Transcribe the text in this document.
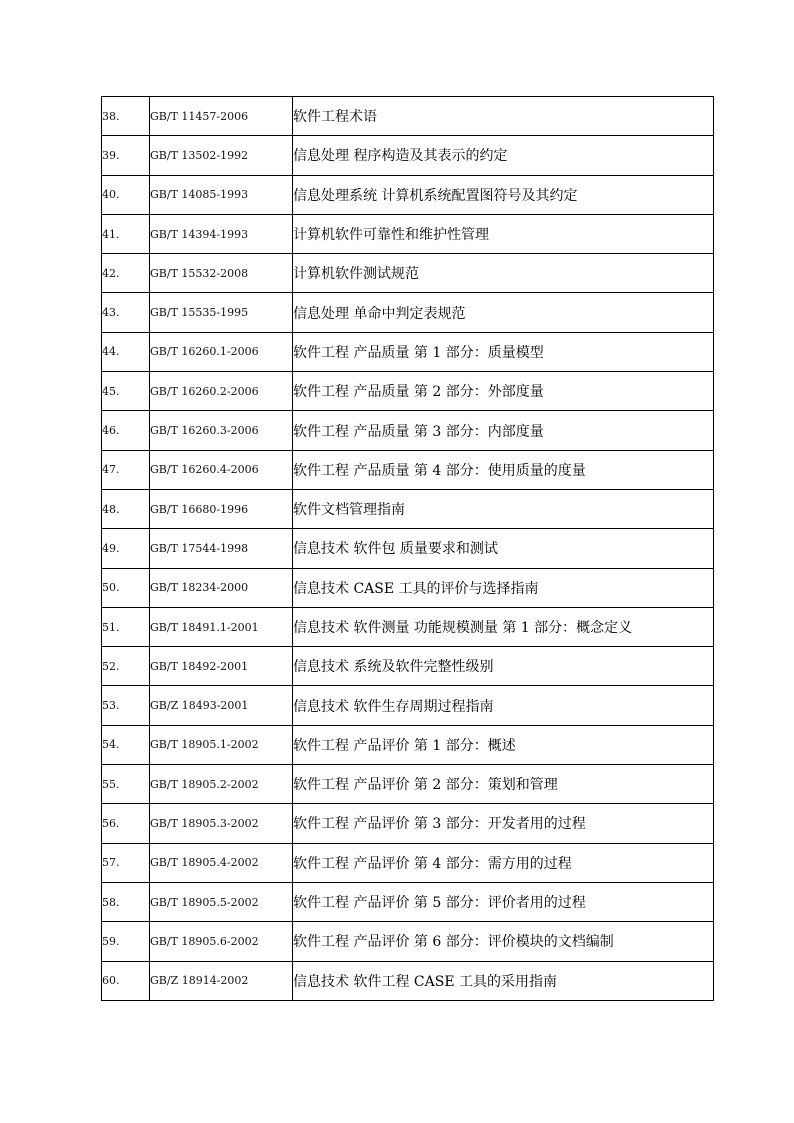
38.	GB/T 11457-2006	软件工程术语
39.	GB/T 13502-1992	信息处理 程序构造及其表示的约定
40.	GB/T 14085-1993	信息处理系统 计算机系统配置图符号及其约定
41.	GB/T 14394-1993	计算机软件可靠性和维护性管理
42.	GB/T 15532-2008	计算机软件测试规范
43.	GB/T 15535-1995	信息处理 单命中判定表规范
44.	GB/T 16260.1-2006	软件工程 产品质量 第 1 部分：质量模型
45.	GB/T 16260.2-2006	软件工程 产品质量 第 2 部分：外部度量
46.	GB/T 16260.3-2006	软件工程 产品质量 第 3 部分：内部度量
47.	GB/T 16260.4-2006	软件工程 产品质量 第 4 部分：使用质量的度量
48.	GB/T 16680-1996	软件文档管理指南
49.	GB/T 17544-1998	信息技术 软件包 质量要求和测试
50.	GB/T 18234-2000	信息技术 CASE 工具的评价与选择指南
51.	GB/T 18491.1-2001	信息技术 软件测量 功能规模测量 第 1 部分：概念定义
52.	GB/T 18492-2001	信息技术 系统及软件完整性级别
53.	GB/Z 18493-2001	信息技术 软件生存周期过程指南
54.	GB/T 18905.1-2002	软件工程 产品评价 第 1 部分：概述
55.	GB/T 18905.2-2002	软件工程 产品评价 第 2 部分：策划和管理
56.	GB/T 18905.3-2002	软件工程 产品评价 第 3 部分：开发者用的过程
57.	GB/T 18905.4-2002	软件工程 产品评价 第 4 部分：需方用的过程
58.	GB/T 18905.5-2002	软件工程 产品评价 第 5 部分：评价者用的过程
59.	GB/T 18905.6-2002	软件工程 产品评价 第 6 部分：评价模块的文档编制
60.	GB/Z 18914-2002	信息技术 软件工程 CASE 工具的采用指南
